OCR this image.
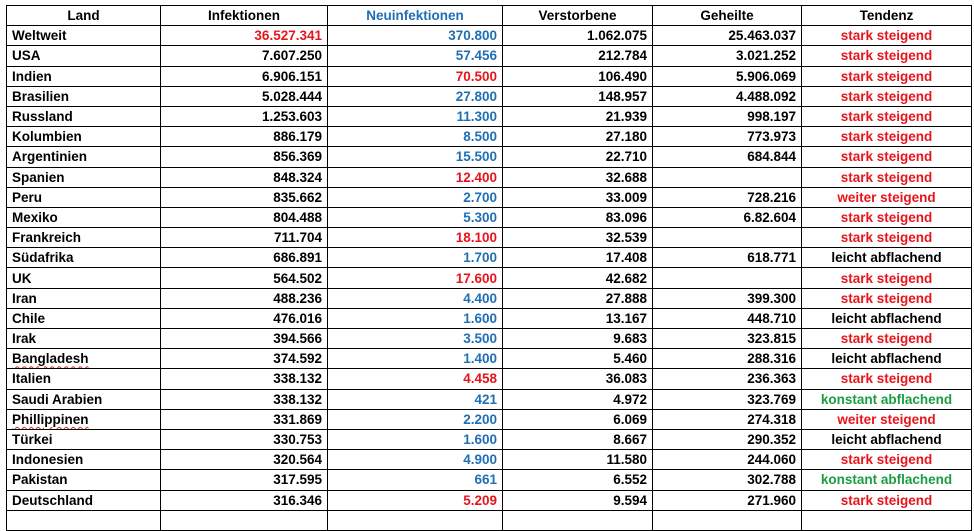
Land	Infektionen	Neuinfektionen	Verstorbene	Geheilte	Tendenz
Weltweit	36.527.341	370.800	1.062.075	25.463.037	stark steigend
USA	7.607.250	57.456	212.784	3.021.252	stark steigend
Indien	6.906.151	70.500	106.490	5.906.069	stark steigend
Brasilien	5.028.444	27.800	148.957	4.488.092	stark steigend
Russland	1.253.603	11.300	21.939	998.197	stark steigend
Kolumbien	886.179	8.500	27.180	773.973	stark steigend
Argentinien	856.369	15.500	22.710	684.844	stark steigend
Spanien	848.324	12.400	32.688		stark steigend
Peru	835.662	2.700	33.009	728.216	weiter steigend
Mexiko	804.488	5.300	83.096	6.82.604	stark steigend
Frankreich	711.704	18.100	32.539		stark steigend
Südafrika	686.891	1.700	17.408	618.771	leicht abflachend
UK	564.502	17.600	42.682		stark steigend
Iran	488.236	4.400	27.888	399.300	stark steigend
Chile	476.016	1.600	13.167	448.710	leicht abflachend
Irak	394.566	3.500	9.683	323.815	stark steigend
Bangladesh	374.592	1.400	5.460	288.316	leicht abflachend
Italien	338.132	4.458	36.083	236.363	stark steigend
Saudi Arabien	338.132	421	4.972	323.769	konstant abflachend
Phillippinen	331.869	2.200	6.069	274.318	weiter steigend
Türkei	330.753	1.600	8.667	290.352	leicht abflachend
Indonesien	320.564	4.900	11.580	244.060	stark steigend
Pakistan	317.595	661	6.552	302.788	konstant abflachend
Deutschland	316.346	5.209	9.594	271.960	stark steigend
